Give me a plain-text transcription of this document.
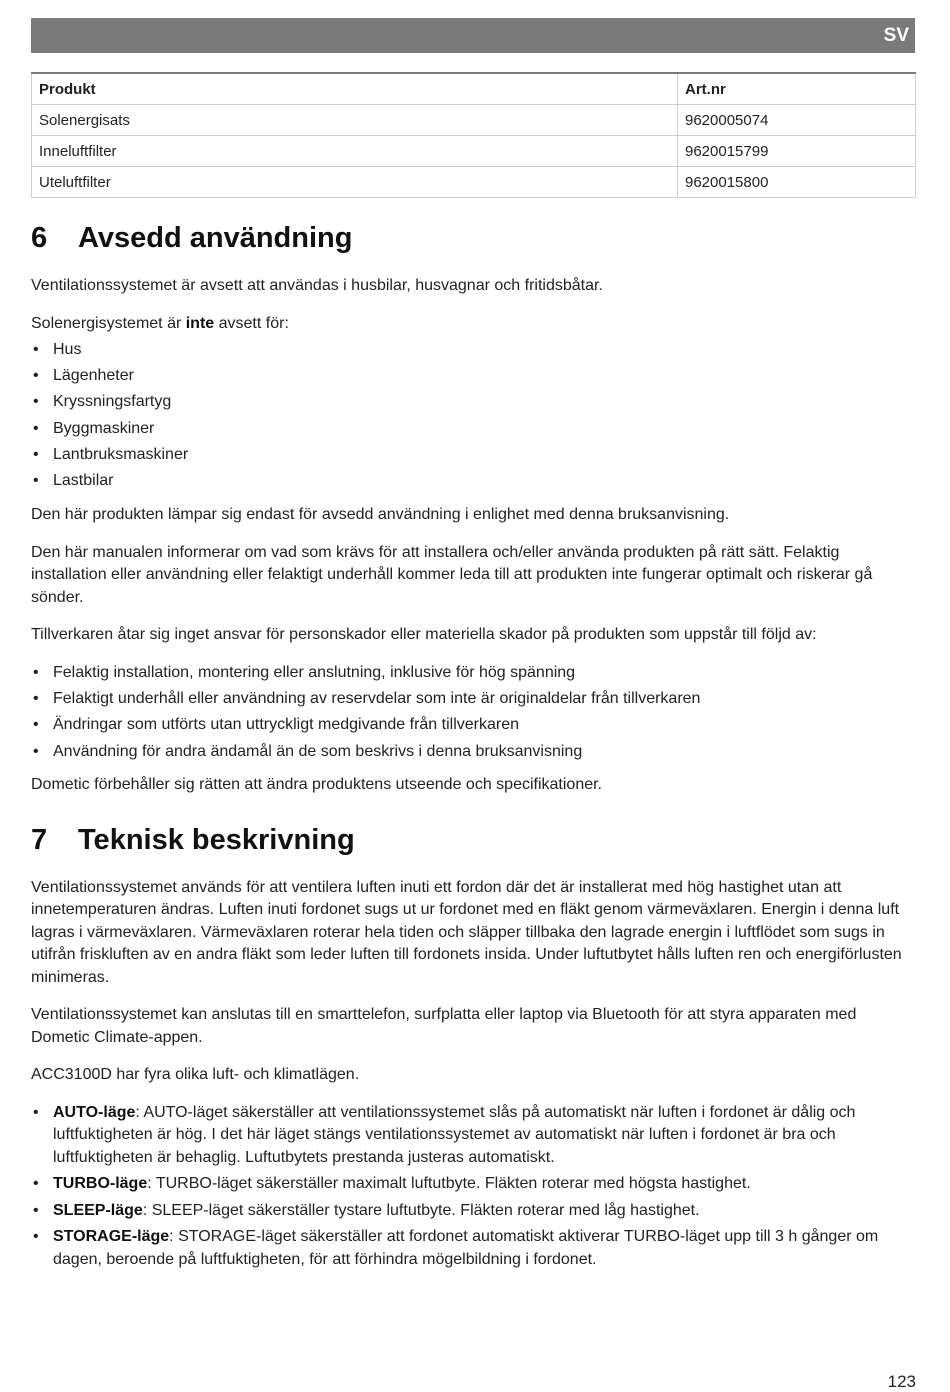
SV
Produkt	Art.nr
Solenergisats	9620005074
Inneluftfilter	9620015799
Uteluftfilter	9620015800
6 Avsedd användning

Ventilationssystemet är avsett att användas i husbilar, husvagnar och fritidsbåtar.

Solenergisystemet är inte avsett för:

• Hus
• Lägenheter
• Kryssningsfartyg
• Byggmaskiner
• Lantbruksmaskiner
• Lastbilar

Den här produkten lämpar sig endast för avsedd användning i enlighet med denna bruksanvisning.

Den här manualen informerar om vad som krävs för att installera och/eller använda produkten på rätt sätt. Felaktig installation eller användning eller felaktigt underhåll kommer leda till att produkten inte fungerar optimalt och riskerar gå sönder.

Tillverkaren åtar sig inget ansvar för personskador eller materiella skador på produkten som uppstår till följd av:

• Felaktig installation, montering eller anslutning, inklusive för hög spänning
• Felaktigt underhåll eller användning av reservdelar som inte är originaldelar från tillverkaren
• Ändringar som utförts utan uttryckligt medgivande från tillverkaren
• Användning för andra ändamål än de som beskrivs i denna bruksanvisning

Dometic förbehåller sig rätten att ändra produktens utseende och specifikationer.

7 Teknisk beskrivning

Ventilationssystemet används för att ventilera luften inuti ett fordon där det är installerat med hög hastighet utan att innetemperaturen ändras. Luften inuti fordonet sugs ut ur fordonet med en fläkt genom värmeväxlaren. Energin i denna luft lagras i värmeväxlaren. Värmeväxlaren roterar hela tiden och släpper tillbaka den lagrade energin i luftflödet som sugs in utifrån friskluften av en andra fläkt som leder luften till fordonets insida. Under luftutbytet hålls luften ren och energiförlusten minimeras.

Ventilationssystemet kan anslutas till en smarttelefon, surfplatta eller laptop via Bluetooth för att styra apparaten med Dometic Climate-appen.

ACC3100D har fyra olika luft- och klimatlägen.

• AUTO-läge: AUTO-läget säkerställer att ventilationssystemet slås på automatiskt när luften i fordonet är dålig och luftfuktigheten är hög. I det här läget stängs ventilationssystemet av automatiskt när luften i fordonet är bra och luftfuktigheten är behaglig. Luftutbytets prestanda justeras automatiskt.
• TURBO-läge: TURBO-läget säkerställer maximalt luftutbyte. Fläkten roterar med högsta hastighet.
• SLEEP-läge: SLEEP-läget säkerställer tystare luftutbyte. Fläkten roterar med låg hastighet.
• STORAGE-läge: STORAGE-läget säkerställer att fordonet automatiskt aktiverar TURBO-läget upp till 3 h gånger om dagen, beroende på luftfuktigheten, för att förhindra mögelbildning i fordonet.
123
